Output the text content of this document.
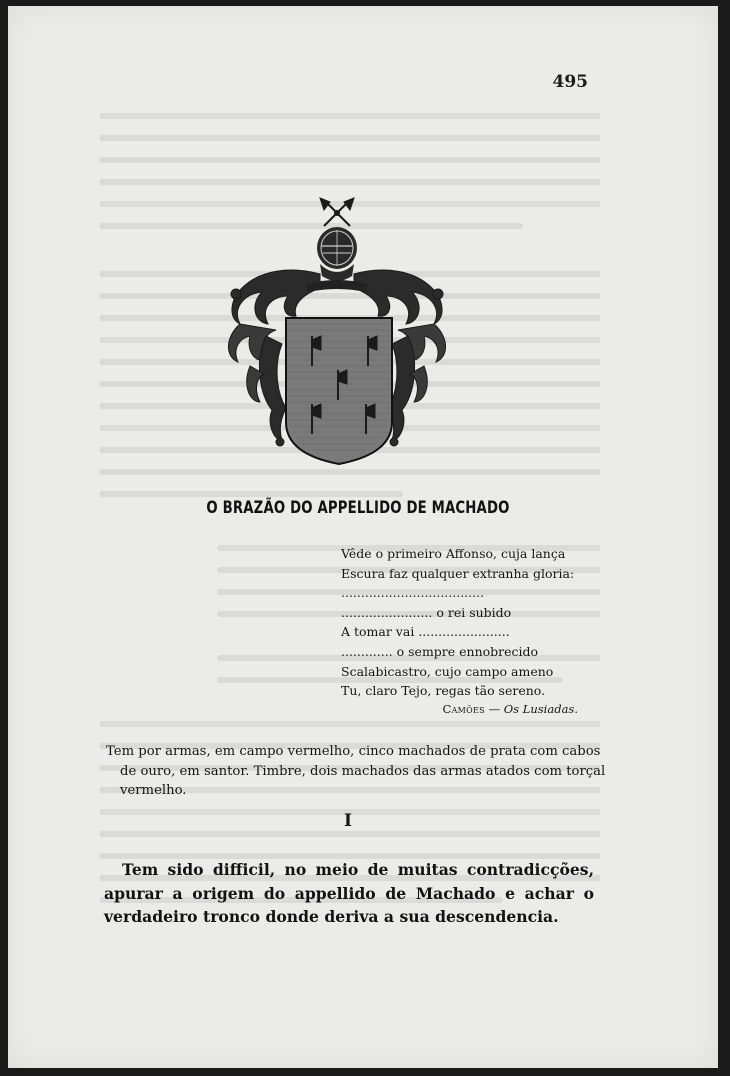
495
O BRAZÃO DO APPELLIDO DE MACHADO
Vêde o primeiro Affonso, cuja lança
Escura faz qualquer extranha gloria:
....................................
....................... o rei subido
A tomar vai .......................
............. o sempre ennobrecido
Scalabicastro, cujo campo ameno
Tu, claro Tejo, regas tão sereno.
Camões — Os Lusiadas.
Tem por armas, em campo vermelho, cinco machados de prata com cabos de ouro, em santor. Timbre, dois machados das armas atados com torçal vermelho.
I
Tem sido difficil, no meio de muitas contradicções, apurar a origem do appellido de Machado e achar o verdadeiro tronco donde deriva a sua descendencia.
